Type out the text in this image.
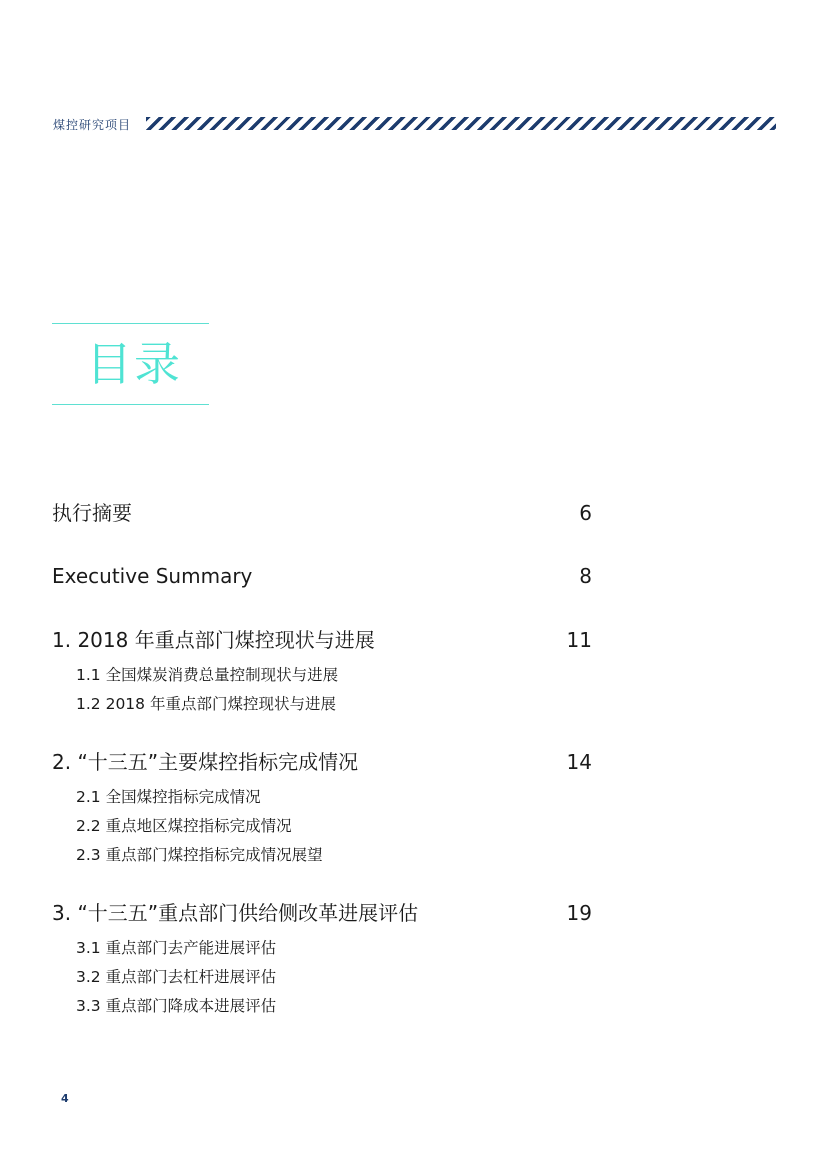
煤控研究项目
目录
执行摘要	6
Executive Summary	8
1. 2018 年重点部门煤控现状与进展	11
1.1 全国煤炭消费总量控制现状与进展
1.2 2018 年重点部门煤控现状与进展
2. “十三五”主要煤控指标完成情况	14
2.1 全国煤控指标完成情况
2.2 重点地区煤控指标完成情况
2.3 重点部门煤控指标完成情况展望
3. “十三五”重点部门供给侧改革进展评估	19
3.1 重点部门去产能进展评估
3.2 重点部门去杠杆进展评估
3.3 重点部门降成本进展评估
4
